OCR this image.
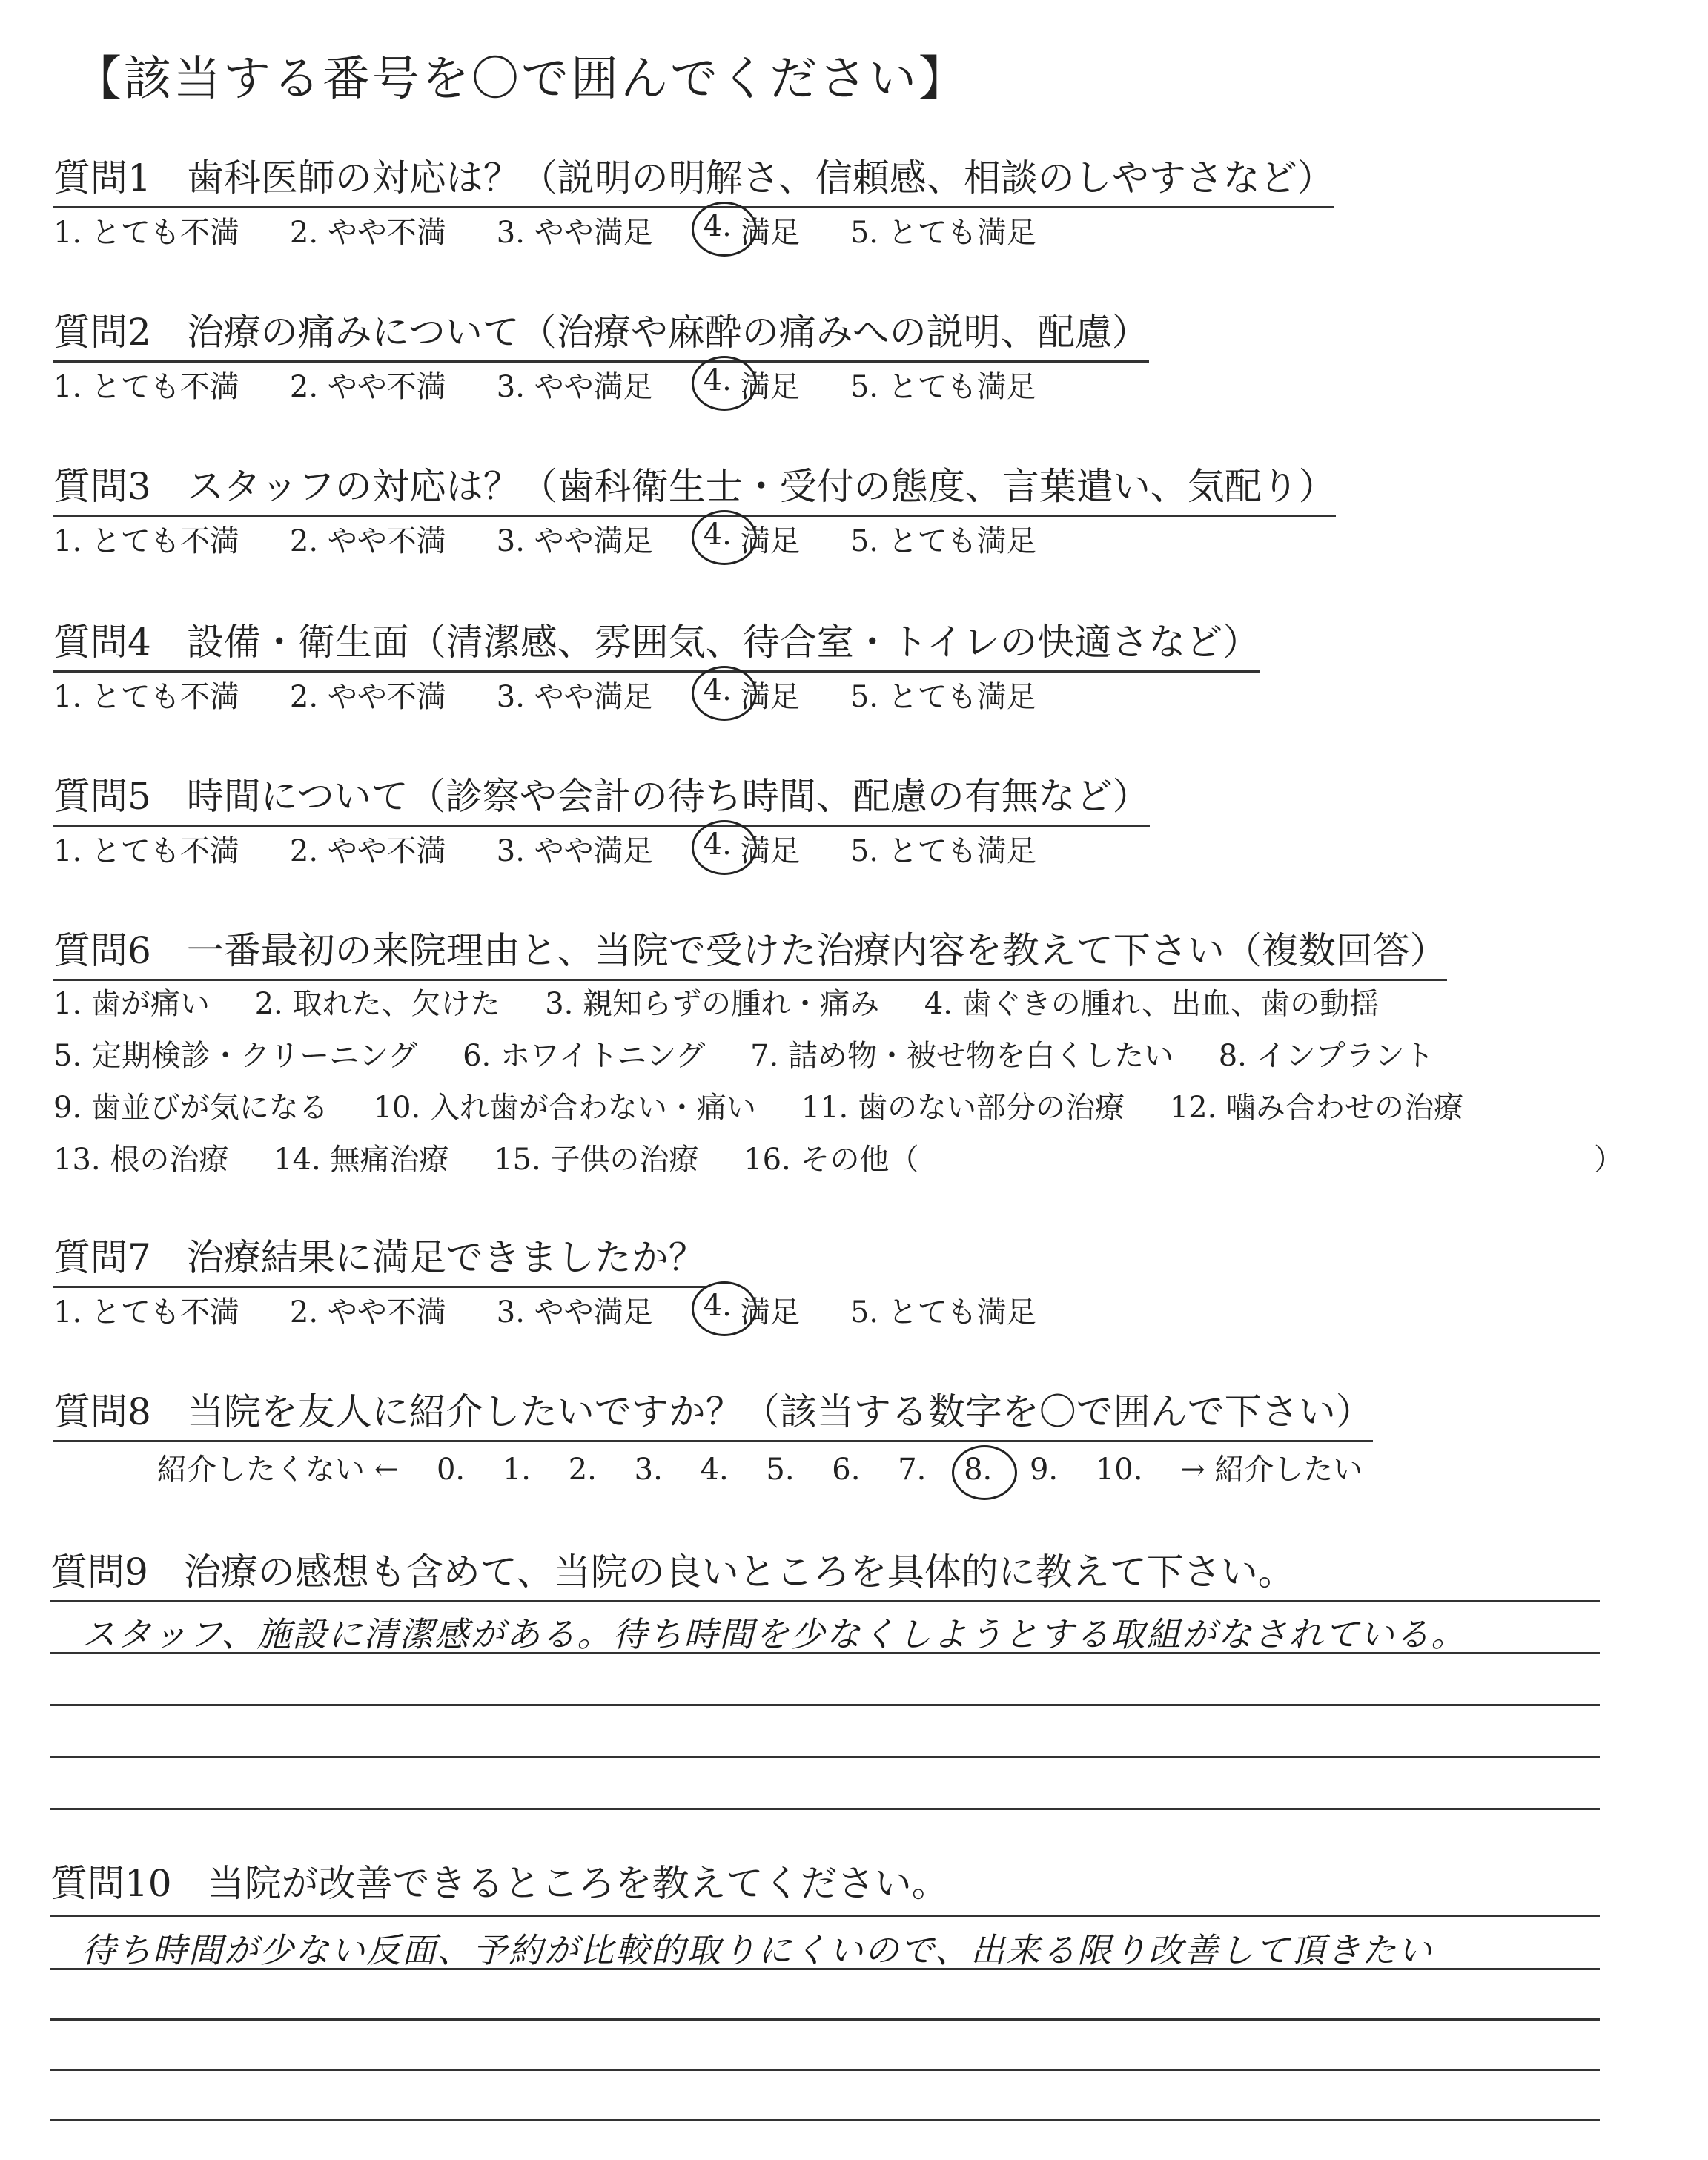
【該当する番号を〇で囲んでください】
質問1 歯科医師の対応は？（説明の明解さ、信頼感、相談のしやすさなど）
1. とても不満 2. やや不満 3. やや満足 4. 満足 5. とても満足
質問2 治療の痛みについて（治療や麻酔の痛みへの説明、配慮）
1. とても不満 2. やや不満 3. やや満足 4. 満足 5. とても満足
質問3 スタッフの対応は？（歯科衛生士・受付の態度、言葉遣い、気配り）
1. とても不満 2. やや不満 3. やや満足 4. 満足 5. とても満足
質問4 設備・衛生面（清潔感、雰囲気、待合室・トイレの快適さなど）
1. とても不満 2. やや不満 3. やや満足 4. 満足 5. とても満足
質問5 時間について（診察や会計の待ち時間、配慮の有無など）
1. とても不満 2. やや不満 3. やや満足 4. 満足 5. とても満足
質問6 一番最初の来院理由と、当院で受けた治療内容を教えて下さい（複数回答）
1. 歯が痛い 2. 取れた、欠けた 3. 親知らずの腫れ・痛み 4. 歯ぐきの腫れ、出血、歯の動揺
5. 定期検診・クリーニング 6. ホワイトニング 7. 詰め物・被せ物を白くしたい 8. インプラント
9. 歯並びが気になる 10. 入れ歯が合わない・痛い 11. 歯のない部分の治療 12. 噛み合わせの治療
13. 根の治療 14. 無痛治療 15. 子供の治療 16. その他（	）
質問7 治療結果に満足できましたか？
1. とても不満 2. やや不満 3. やや満足 4. 満足 5. とても満足
質問8 当院を友人に紹介したいですか？（該当する数字を〇で囲んで下さい）
紹介したくない ← 0. 1. 2. 3. 4. 5. 6. 7. 8. 9. 10. → 紹介したい
質問9 治療の感想も含めて、当院の良いところを具体的に教えて下さい。
スタッフ、施設に清潔感がある。待ち時間を少なくしようとする取組がなされている。
質問10 当院が改善できるところを教えてください。
待ち時間が少ない反面、予約が比較的取りにくいので、出来る限り改善して頂きたい
